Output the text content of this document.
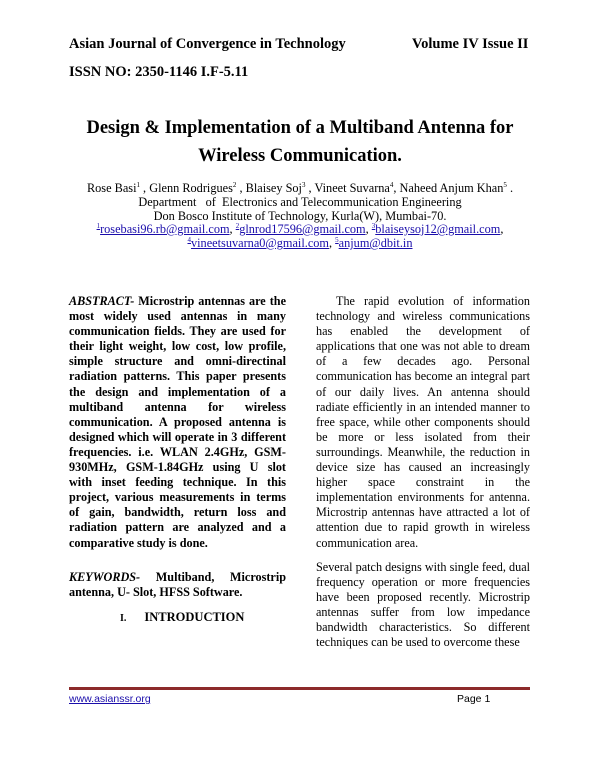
Asian Journal of Convergence in Technology	Volume IV Issue II
ISSN NO: 2350-1146 I.F-5.11
Design & Implementation of a Multiband Antenna for
Wireless Communication.
Rose Basi$^1$ , Glenn Rodrigues$^2$ , Blaisey Soj$^3$ , Vineet Suvarna$^4$, Naheed Anjum Khan$^5$ .
Department   of  Electronics and Telecommunication Engineering
Don Bosco Institute of Technology, Kurla(W), Mumbai-70.
$^1$rosebasi96.rb@gmail.com, $^2$glnrod17596@gmail.com, $^3$blaiseysoj12@gmail.com,
$^4$vineetsuvarna0@gmail.com, $^5$anjum@dbit.in
ABSTRACT- Microstrip antennas are the most widely used antennas in many communication fields. They are used for their light weight, low cost, low profile, simple structure and omni-directinal radiation patterns. This paper presents the design and implementation of a multiband antenna for wireless communication. A proposed antenna is designed which will operate in 3 different frequencies. i.e. WLAN 2.4GHz, GSM-930MHz, GSM-1.84GHz using U slot with inset feeding technique. In this project, various measurements in terms of gain, bandwidth, return loss and radiation pattern are analyzed and a comparative study is done.
KEYWORDS- Multiband, Microstrip antenna, U- Slot, HFSS Software.
I. INTRODUCTION
The rapid evolution of information technology and wireless communications has enabled the development of applications that one was not able to dream of a few decades ago. Personal communication has become an integral part of our daily lives. An antenna should radiate efficiently in an intended manner to free space, while other components should be more or less isolated from their surroundings. Meanwhile, the reduction in device size has caused an increasingly higher space constraint in the implementation environments for antenna. Microstrip antennas have attracted a lot of attention due to rapid growth in wireless communication area.
Several patch designs with single feed, dual frequency operation or more frequencies have been proposed recently. Microstrip antennas suffer from low impedance bandwidth characteristics. So different techniques can be used to overcome these
www.asianssr.org	Page 1
